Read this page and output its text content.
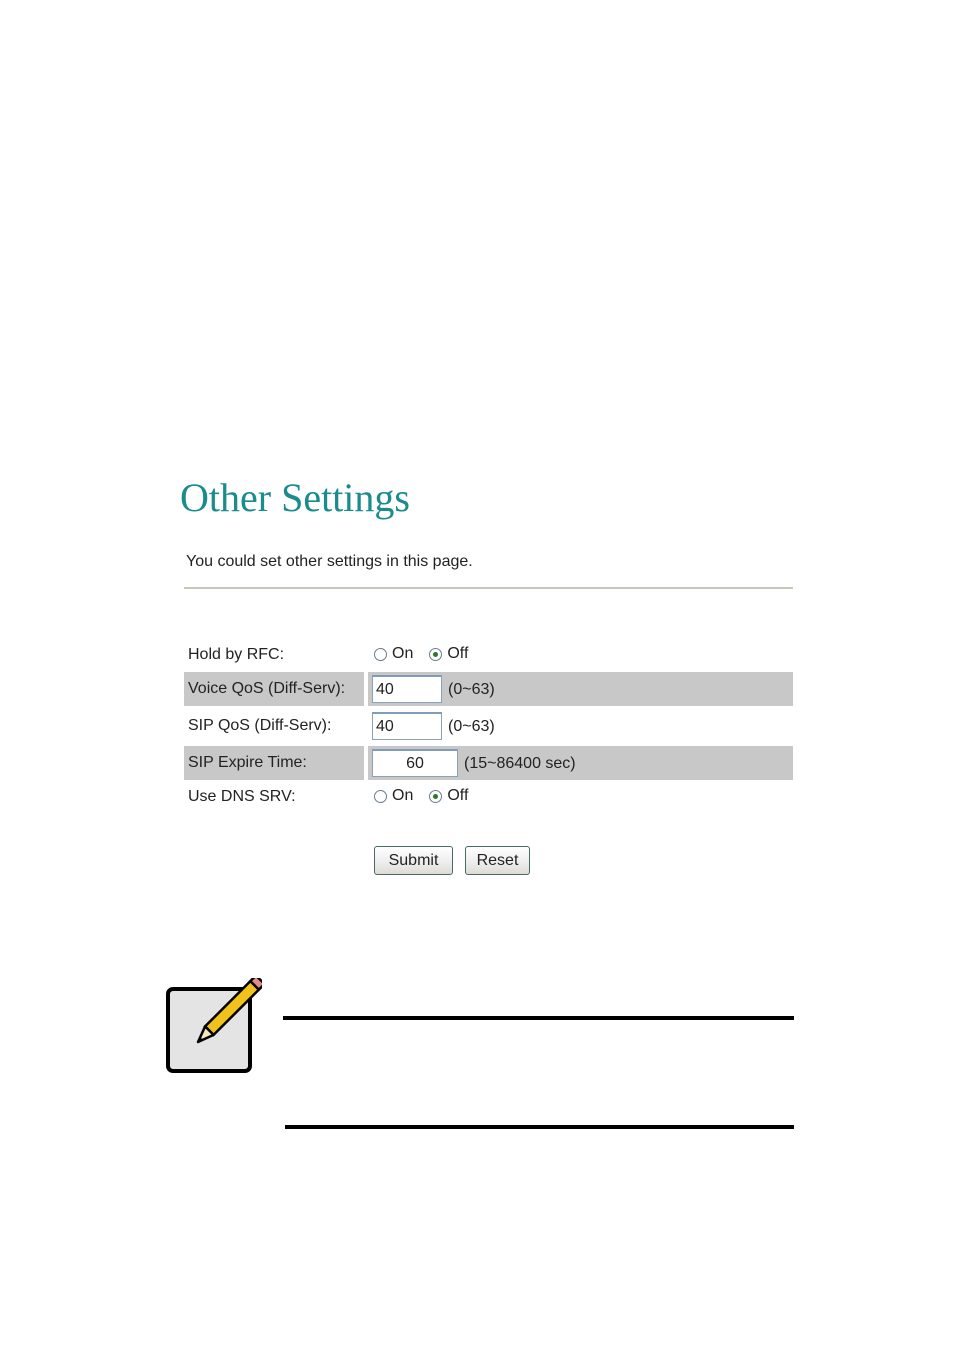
Other Settings
You could set other settings in this page.
Hold by RFC:	On Off
Voice QoS (Diff-Serv):
40	(0~63)
SIP QoS (Diff-Serv):
40	(0~63)
SIP Expire Time:
60	(15~86400 sec)
Use DNS SRV:	On Off
Submit	Reset
